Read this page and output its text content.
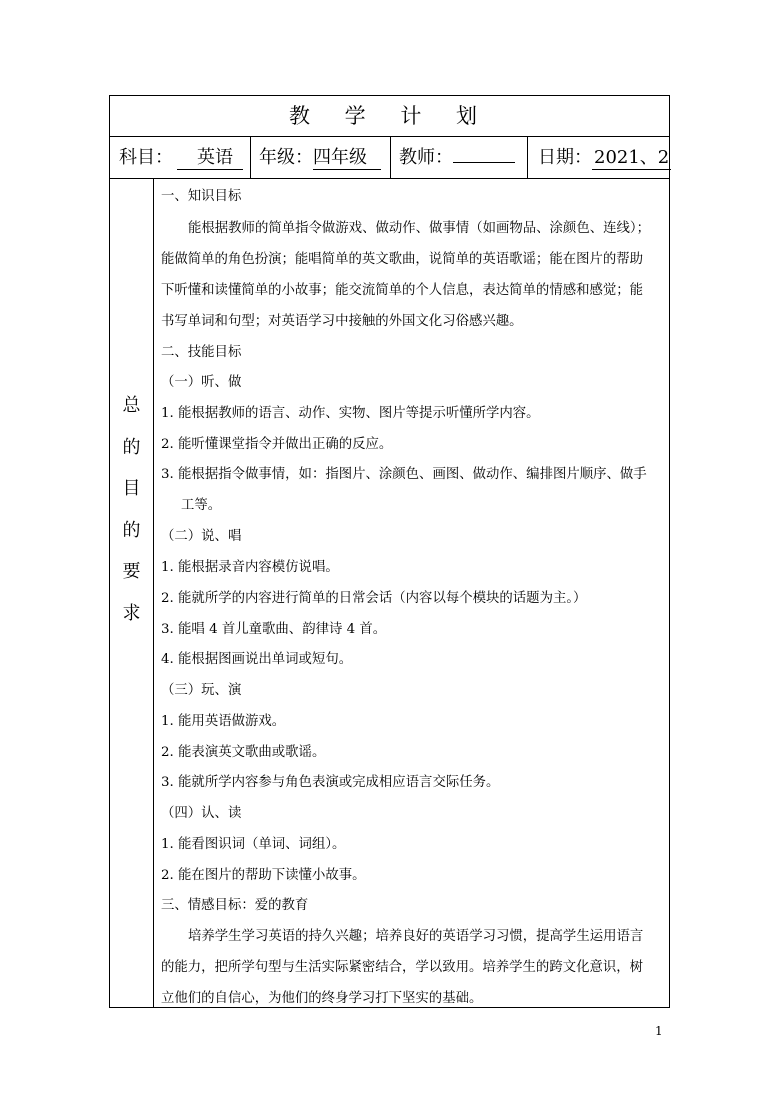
教 学 计 划
科目： 英语	年级：四年级	教师：	日期： 2021、2
总
的
目
的
要
求
一、知识目标
能根据教师的简单指令做游戏、做动作、做事情（如画物品、涂颜色、连线）；
能做简单的角色扮演；能唱简单的英文歌曲，说简单的英语歌谣；能在图片的帮助
下听懂和读懂简单的小故事；能交流简单的个人信息，表达简单的情感和感觉；能
书写单词和句型；对英语学习中接触的外国文化习俗感兴趣。
二、技能目标
（一）听、做
1. 能根据教师的语言、动作、实物、图片等提示听懂所学内容。
2. 能听懂课堂指令并做出正确的反应。
3. 能根据指令做事情，如：指图片、涂颜色、画图、做动作、编排图片顺序、做手
工等。
（二）说、唱
1. 能根据录音内容模仿说唱。
2. 能就所学的内容进行简单的日常会话（内容以每个模块的话题为主。）
3. 能唱 4 首儿童歌曲、韵律诗 4 首。
4. 能根据图画说出单词或短句。
（三）玩、演
1. 能用英语做游戏。
2. 能表演英文歌曲或歌谣。
3. 能就所学内容参与角色表演或完成相应语言交际任务。
（四）认、读
1. 能看图识词（单词、词组）。
2. 能在图片的帮助下读懂小故事。
三、情感目标：爱的教育
培养学生学习英语的持久兴趣；培养良好的英语学习习惯，提高学生运用语言
的能力，把所学句型与生活实际紧密结合，学以致用。培养学生的跨文化意识，树
立他们的自信心，为他们的终身学习打下坚实的基础。
1
